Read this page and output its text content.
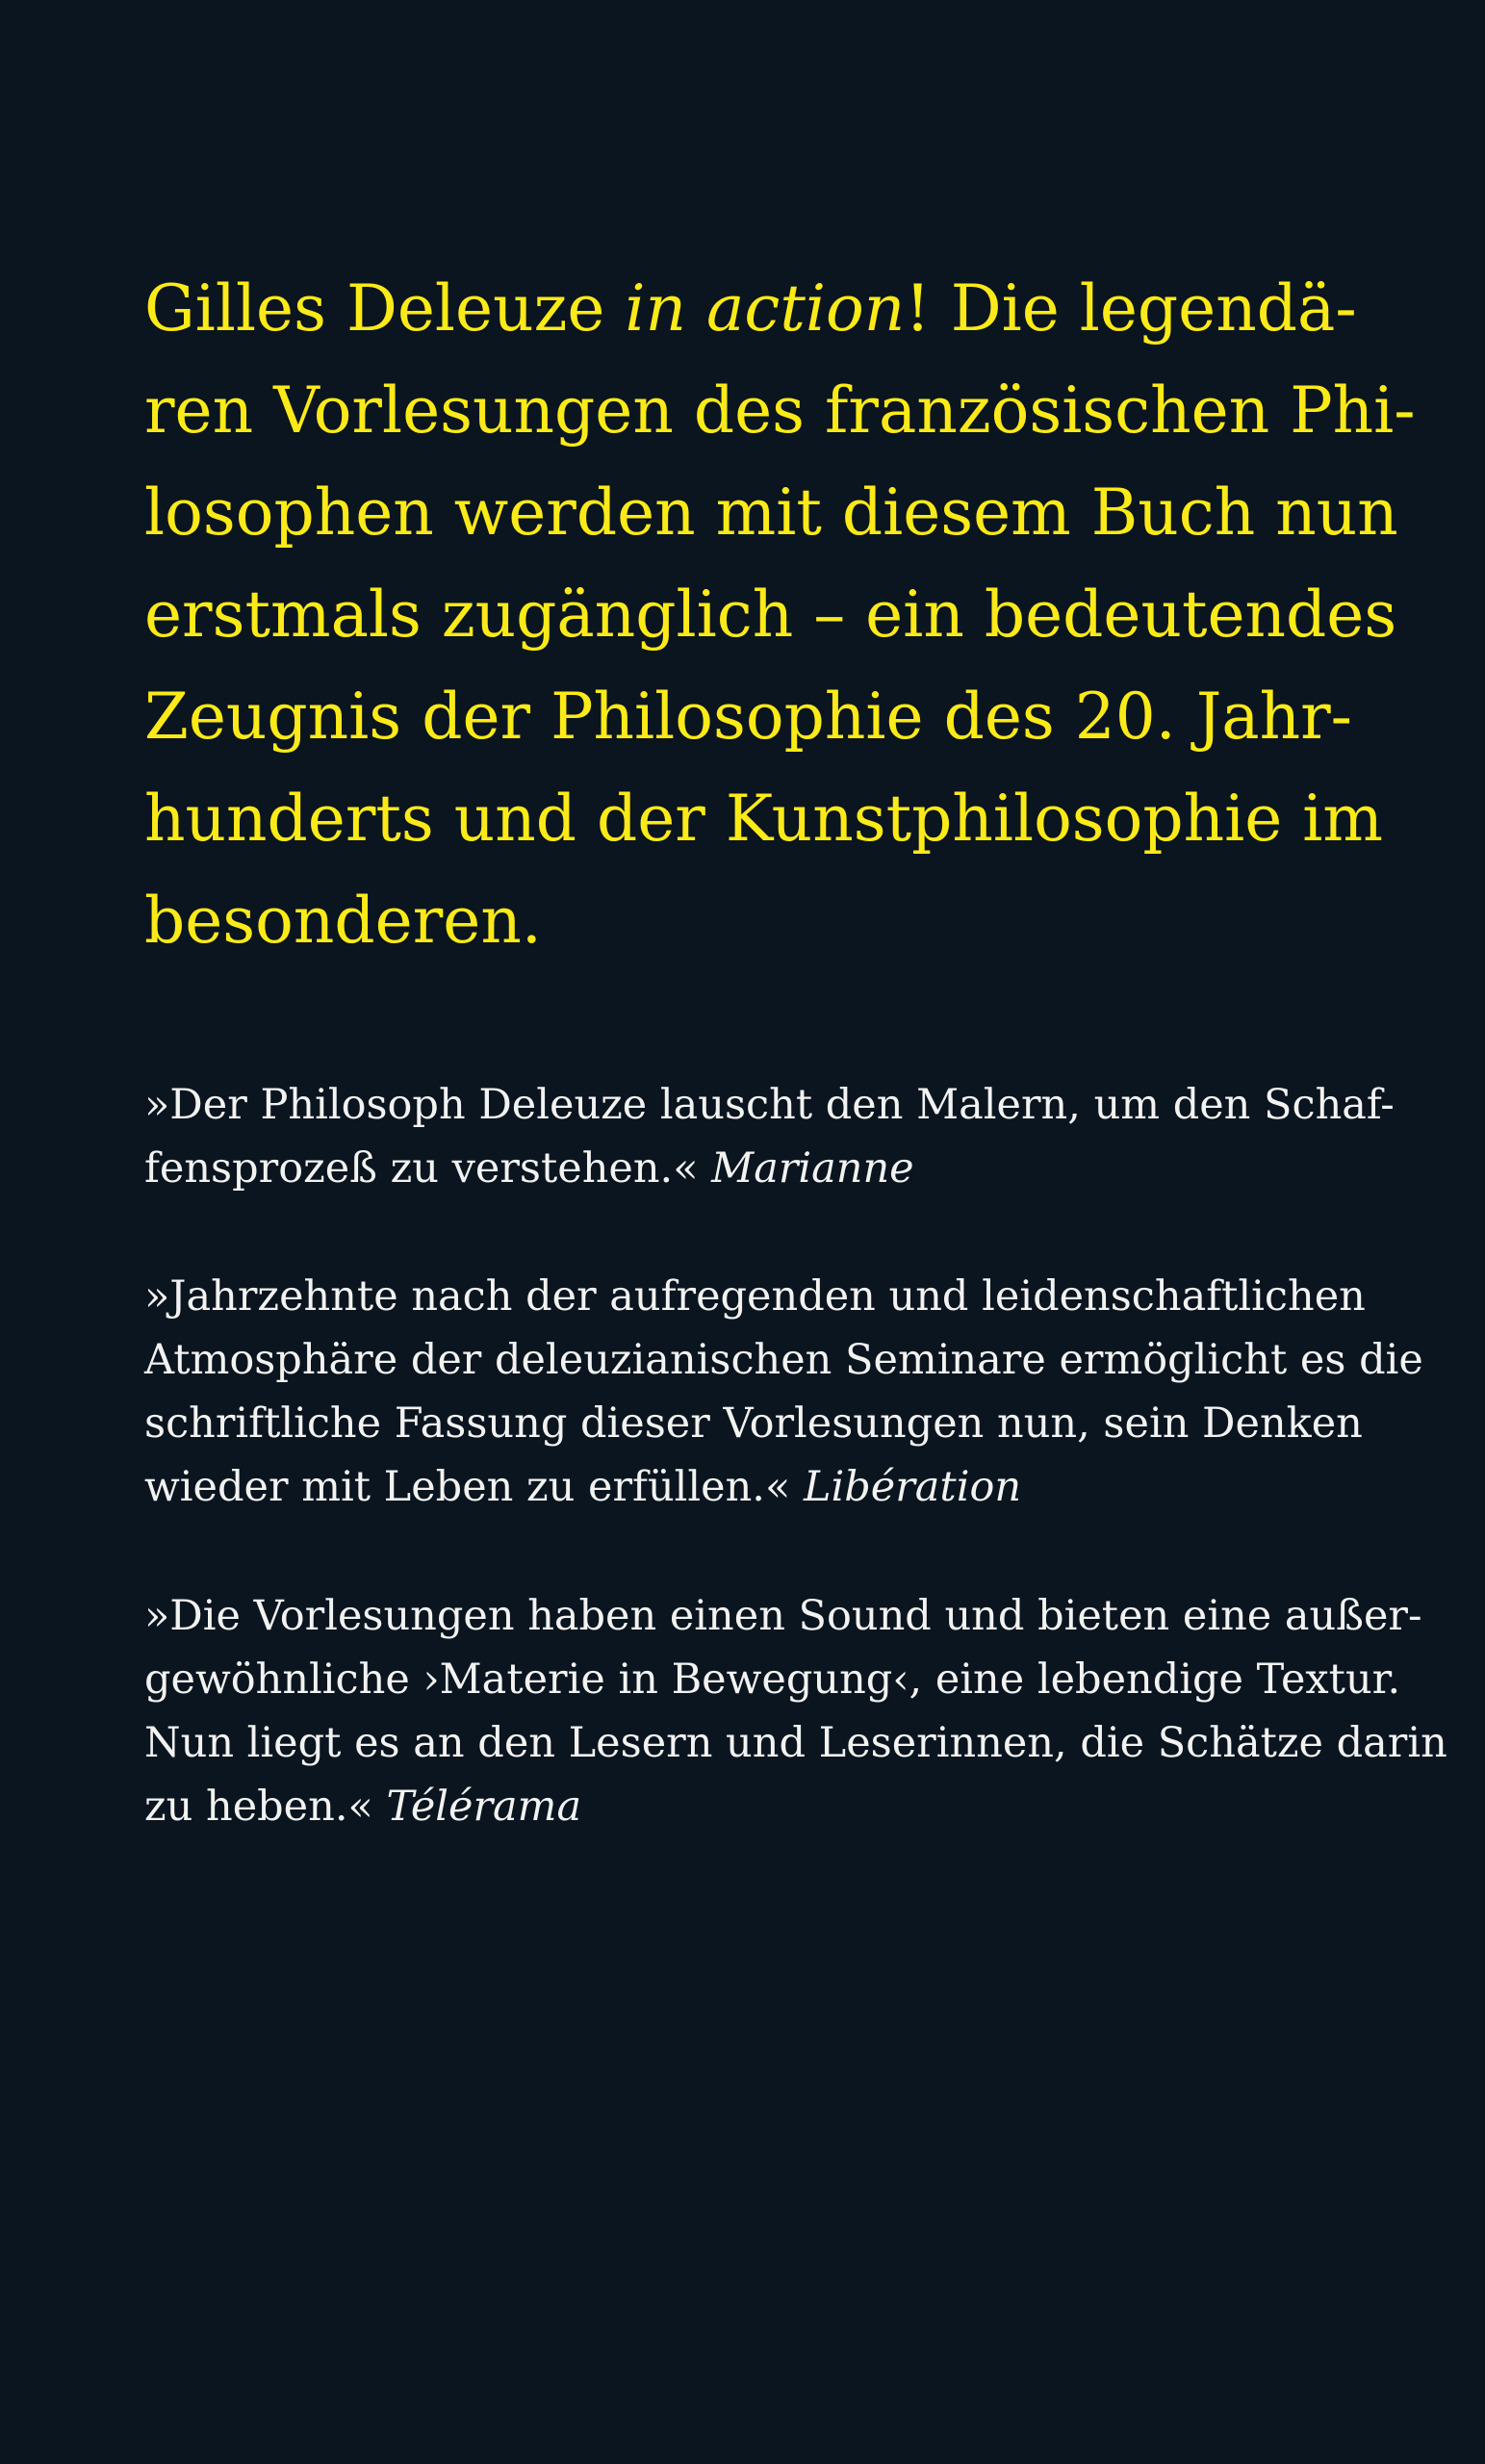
Gilles Deleuze in action! Die legendä-
ren Vorlesungen des französischen Phi-
losophen werden mit diesem Buch nun
erstmals zugänglich – ein bedeutendes
Zeugnis der Philosophie des 20. Jahr-
hunderts und der Kunstphilosophie im
besonderen.

»Der Philosoph Deleuze lauscht den Malern, um den Schaf-
fensprozeß zu verstehen.« Marianne

»Jahrzehnte nach der aufregenden und leidenschaftlichen
Atmosphäre der deleuzianischen Seminare ermöglicht es die
schriftliche Fassung dieser Vorlesungen nun, sein Denken
wieder mit Leben zu erfüllen.« Libération

»Die Vorlesungen haben einen Sound und bieten eine außer-
gewöhnliche ›Materie in Bewegung‹, eine lebendige Textur.
Nun liegt es an den Lesern und Leserinnen, die Schätze darin
zu heben.« Télérama
